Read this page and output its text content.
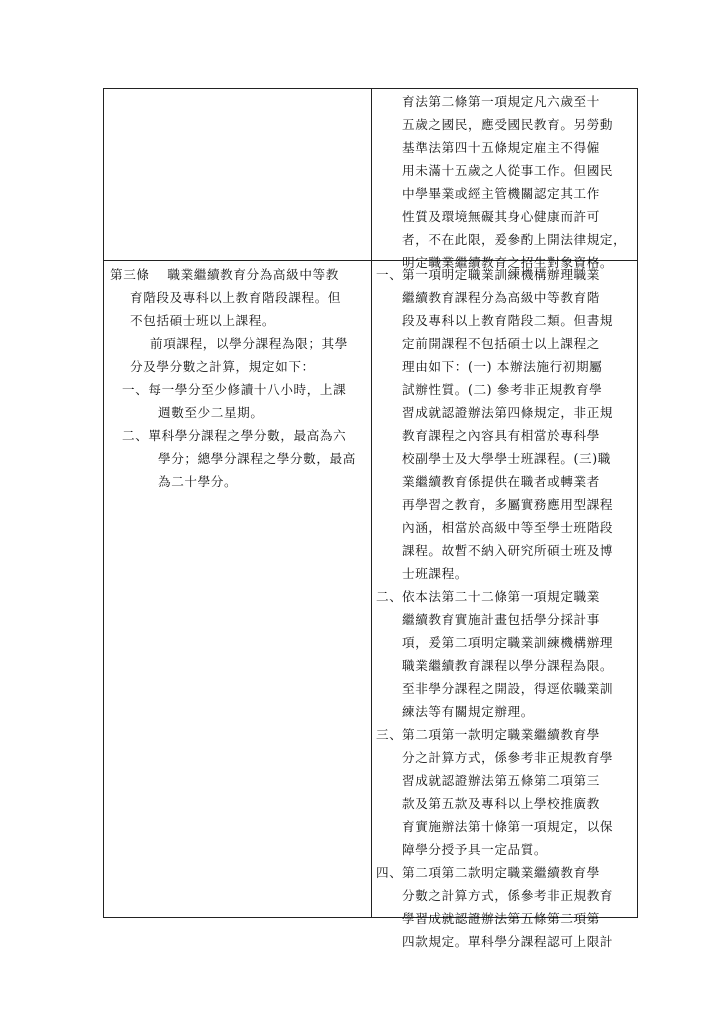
育法第二條第一項規定凡六歲至十
五歲之國民，應受國民教育。另勞動
基準法第四十五條規定雇主不得僱
用未滿十五歲之人從事工作。但國民
中學畢業或經主管機關認定其工作
性質及環境無礙其身心健康而許可
者，不在此限，爰參酌上開法律規定，
明定職業繼續教育之招生對象資格。
第三條　 職業繼續教育分為高級中等教
育階段及專科以上教育階段課程。但
不包括碩士班以上課程。
前項課程，以學分課程為限；其學
分及學分數之計算，規定如下：
一、每一學分至少修讀十八小時，上課
週數至少二星期。
二、單科學分課程之學分數，最高為六
學分；總學分課程之學分數，最高
為二十學分。
一、 第一項明定職業訓練機構辦理職業
繼續教育課程分為高級中等教育階
段及專科以上教育階段二類。但書規
定前開課程不包括碩士以上課程之
理由如下：(一) 本辦法施行初期屬
試辦性質。(二) 參考非正規教育學
習成就認證辦法第四條規定，非正規
教育課程之內容具有相當於專科學
校副學士及大學學士班課程。(三)職
業繼續教育係提供在職者或轉業者
再學習之教育，多屬實務應用型課程
內涵，相當於高級中等至學士班階段
課程。故暫不納入研究所碩士班及博
士班課程。
二、 依本法第二十二條第一項規定職業
繼續教育實施計畫包括學分採計事
項，爰第二項明定職業訓練機構辦理
職業繼續教育課程以學分課程為限。
至非學分課程之開設，得逕依職業訓
練法等有關規定辦理。
三、 第二項第一款明定職業繼續教育學
分之計算方式，係參考非正規教育學
習成就認證辦法第五條第二項第三
款及第五款及專科以上學校推廣教
育實施辦法第十條第一項規定，以保
障學分授予具一定品質。
四、 第二項第二款明定職業繼續教育學
分數之計算方式，係參考非正規教育
學習成就認證辦法第五條第二項第
四款規定。單科學分課程認可上限計
